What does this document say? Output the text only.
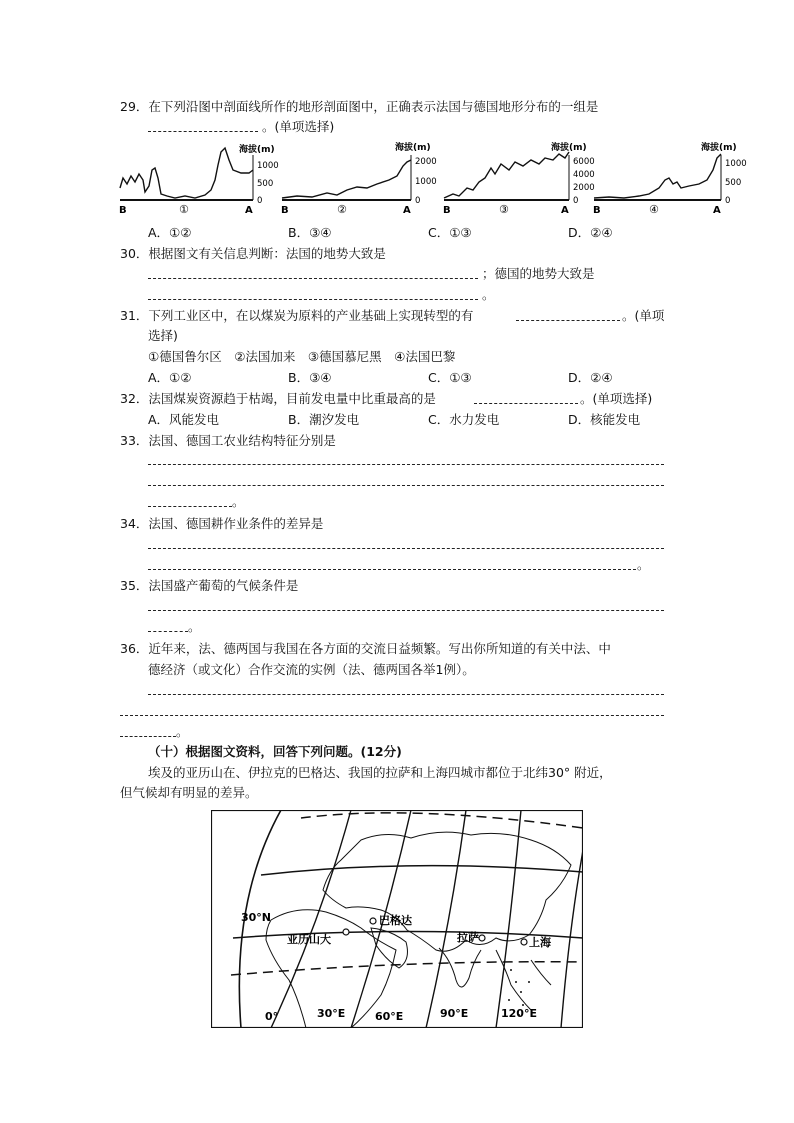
29．在下列沿图中剖面线所作的地形剖面图中，正确表示法国与德国地形分布的一组是
。(单项选择)
海拔(m)
1000
500
0
B	A
①
海拔(m)
2000
1000
0
B	A
②
海拔(m)
6000
4000
2000
0
B	A
③
海拔(m)
1000
500
0
B	A
④
A．①②	B．③④	C．①③	D．②④
30．根据图文有关信息判断：法国的地势大致是
；德国的地势大致是
。
31．下列工业区中，在以煤炭为原料的产业基础上实现转型的有	。(单项
选择)
①德国鲁尔区　②法国加来　③德国慕尼黑　④法国巴黎
A．①②	B．③④	C．①③	D．②④
32．法国煤炭资源趋于枯竭，目前发电量中比重最高的是	。(单项选择)
A．风能发电	B．潮汐发电	C．水力发电	D．核能发电
33．法国、德国工农业结构特征分别是
。
34．法国、德国耕作业条件的差异是
。
35．法国盛产葡萄的气候条件是
。
36．近年来，法、德两国与我国在各方面的交流日益频繁。写出你所知道的有关中法、中
德经济（或文化）合作交流的实例（法、德两国各举1例）。
。
（十）根据图文资料，回答下列问题。(12分)
埃及的亚历山在、伊拉克的巴格达、我国的拉萨和上海四城市都位于北纬30° 附近，
但气候却有明显的差异。
30°N
亚历山大
巴格达
拉萨	上海
0°	30°E	60°E	90°E	120°E
